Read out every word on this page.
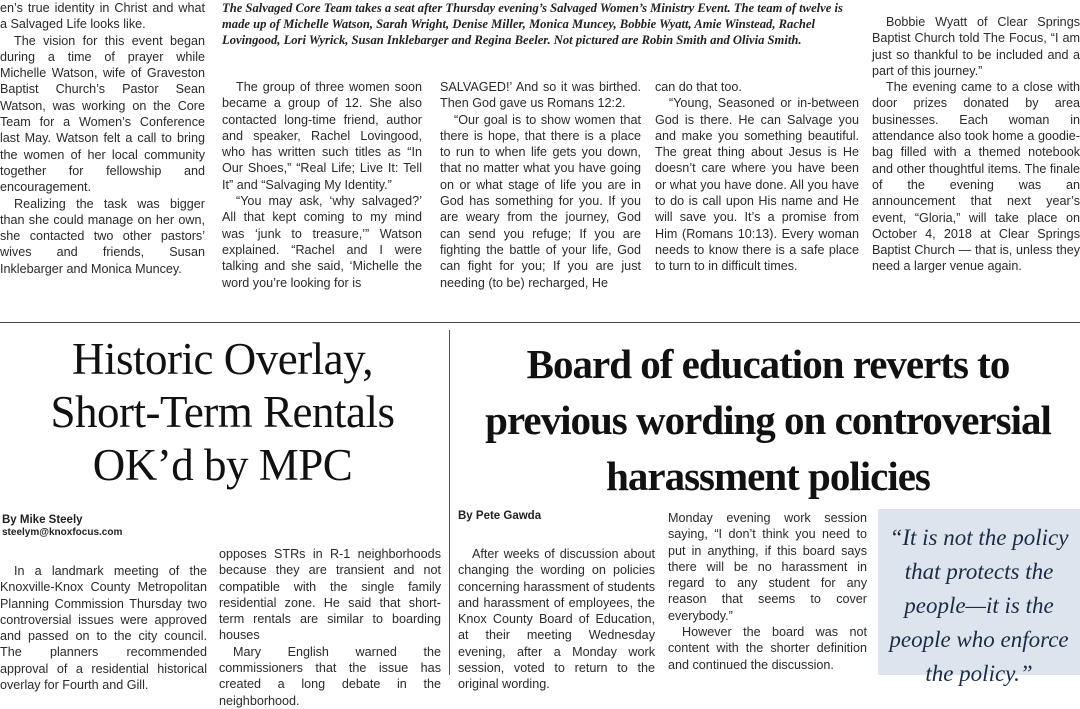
en’s true identity in Christ and what a Salvaged Life looks like.

The vision for this event began during a time of prayer while Michelle Watson, wife of Graveston Baptist Church’s Pastor Sean Watson, was working on the Core Team for a Women’s Conference last May. Watson felt a call to bring the women of her local community together for fellowship and encouragement.

Realizing the task was bigger than she could manage on her own, she contacted two other pastors’ wives and friends, Susan Inklebarger and Monica Muncey.

The Salvaged Core Team takes a seat after Thursday evening’s Salvaged Women’s Ministry Event. The team of twelve is made up of Michelle Watson, Sarah Wright, Denise Miller, Monica Muncey, Bobbie Wyatt, Amie Winstead, Rachel Lovingood, Lori Wyrick, Susan Inklebarger and Regina Beeler. Not pictured are Robin Smith and Olivia Smith.

The group of three women soon became a group of 12. She also contacted long-time friend, author and speaker, Rachel Lovingood, who has written such titles as “In Our Shoes,” “Real Life; Live It: Tell It” and “Salvaging My Identity.”

“You may ask, ‘why salvaged?’ All that kept coming to my mind was ‘junk to treasure,’” Watson explained. “Rachel and I were talking and she said, ‘Michelle the word you’re looking for is

SALVAGED!’ And so it was birthed. Then God gave us Romans 12:2.

“Our goal is to show women that there is hope, that there is a place to run to when life gets you down, that no matter what you have going on or what stage of life you are in God has something for you. If you are weary from the journey, God can send you refuge; If you are fighting the battle of your life, God can fight for you; If you are just needing (to be) recharged, He

can do that too.

“Young, Seasoned or in-between God is there. He can Salvage you and make you something beautiful. The great thing about Jesus is He doesn’t care where you have been or what you have done. All you have to do is call upon His name and He will save you. It’s a promise from Him (Romans 10:13). Every woman needs to know there is a safe place to turn to in difficult times.

Bobbie Wyatt of Clear Springs Baptist Church told The Focus, “I am just so thankful to be included and a part of this journey.”

The evening came to a close with door prizes donated by area businesses. Each woman in attendance also took home a goodie-bag filled with a themed notebook and other thoughtful items. The finale of the evening was an announcement that next year’s event, “Gloria,” will take place on October 4, 2018 at Clear Springs Baptist Church — that is, unless they need a larger venue again.

Historic Overlay,
Short-Term Rentals
OK’d by MPC
By Mike Steely
steelym@knoxfocus.com

In a landmark meeting of the Knoxville-Knox County Metropolitan Planning Commission Thursday two controversial issues were approved and passed on to the city council. The planners recommended approval of a residential historical overlay for Fourth and Gill.

opposes STRs in R-1 neighborhoods because they are transient and not compatible with the single family residential zone. He said that short-term rentals are similar to boarding houses

Mary English warned the commissioners that the issue has created a long debate in the neighborhood.

Board of education reverts to
previous wording on controversial
harassment policies
By Pete Gawda

After weeks of discussion about changing the wording on policies concerning harassment of students and harassment of employees, the Knox County Board of Education, at their meeting Wednesday evening, after a Monday work session, voted to return to the original wording.

Monday evening work session saying, “I don’t think you need to put in anything, if this board says there will be no harassment in regard to any student for any reason that seems to cover everybody.”

However the board was not content with the shorter definition and continued the discussion.

“It is not the policy that protects the people—it is the people who enforce the policy.”
